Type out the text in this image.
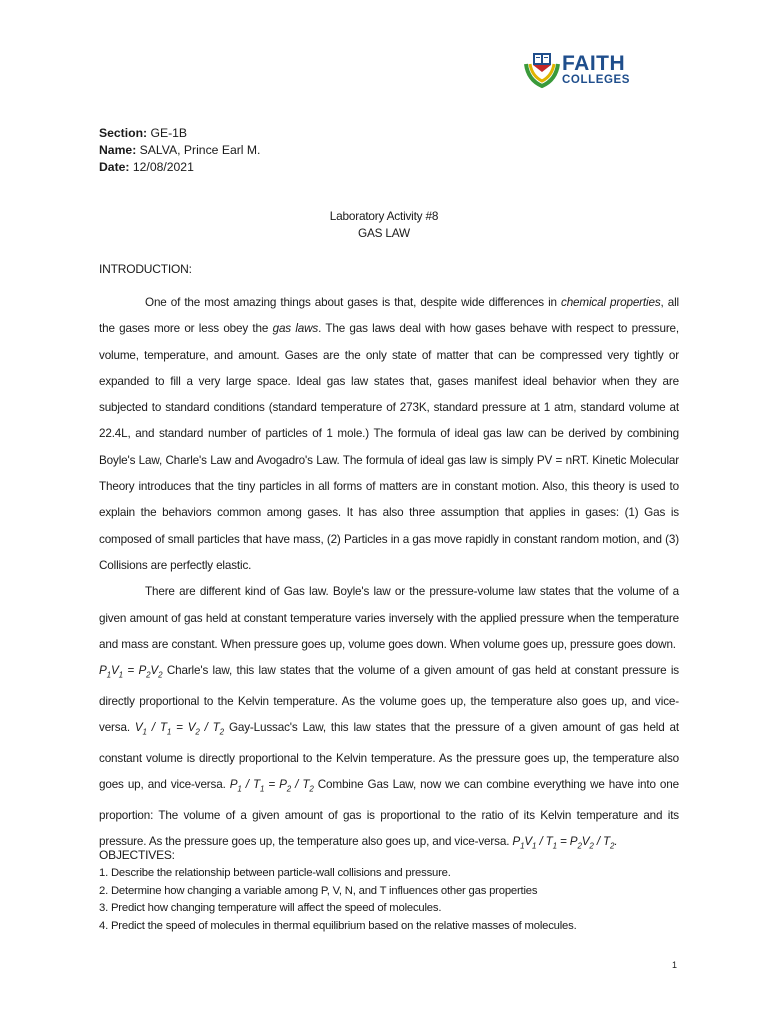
FAITH
COLLEGES
Section: GE-1B
Name: SALVA, Prince Earl M.
Date: 12/08/2021
Laboratory Activity #8
GAS LAW
INTRODUCTION:

One of the most amazing things about gases is that, despite wide differences in chemical properties, all the gases more or less obey the gas laws. The gas laws deal with how gases behave with respect to pressure, volume, temperature, and amount. Gases are the only state of matter that can be compressed very tightly or expanded to fill a very large space. Ideal gas law states that, gases manifest ideal behavior when they are subjected to standard conditions (standard temperature of 273K, standard pressure at 1 atm, standard volume at 22.4L, and standard number of particles of 1 mole.) The formula of ideal gas law can be derived by combining Boyle's Law, Charle's Law and Avogadro's Law. The formula of ideal gas law is simply PV = nRT. Kinetic Molecular Theory introduces that the tiny particles in all forms of matters are in constant motion. Also, this theory is used to explain the behaviors common among gases. It has also three assumption that applies in gases: (1) Gas is composed of small particles that have mass, (2) Particles in a gas move rapidly in constant random motion, and (3) Collisions are perfectly elastic.

There are different kind of Gas law. Boyle's law or the pressure-volume law states that the volume of a given amount of gas held at constant temperature varies inversely with the applied pressure when the temperature and mass are constant. When pressure goes up, volume goes down. When volume goes up, pressure goes down.  $P_1V_1 = P_2V_2$ Charle's law, this law states that the volume of a given amount of gas held at constant pressure is directly proportional to the Kelvin temperature. As the volume goes up, the temperature also goes up, and vice-versa. $V_1 / T_1 = V_2 / T_2$ Gay-Lussac's Law, this law states that the pressure of a given amount of gas held at constant volume is directly proportional to the Kelvin temperature. As the pressure goes up, the temperature also goes up, and vice-versa. $P_1 / T_1 = P_2 / T_2$ Combine Gas Law, now we can combine everything we have into one proportion: The volume of a given amount of gas is proportional to the ratio of its Kelvin temperature and its pressure. As the pressure goes up, the temperature also goes up, and vice-versa. $P_1V_1 / T_1 = P_2V_2 / T_2$.

OBJECTIVES:
1. Describe the relationship between particle-wall collisions and pressure.
2. Determine how changing a variable among P, V, N, and T influences other gas properties
3. Predict how changing temperature will affect the speed of molecules.
4. Predict the speed of molecules in thermal equilibrium based on the relative masses of molecules.
1
